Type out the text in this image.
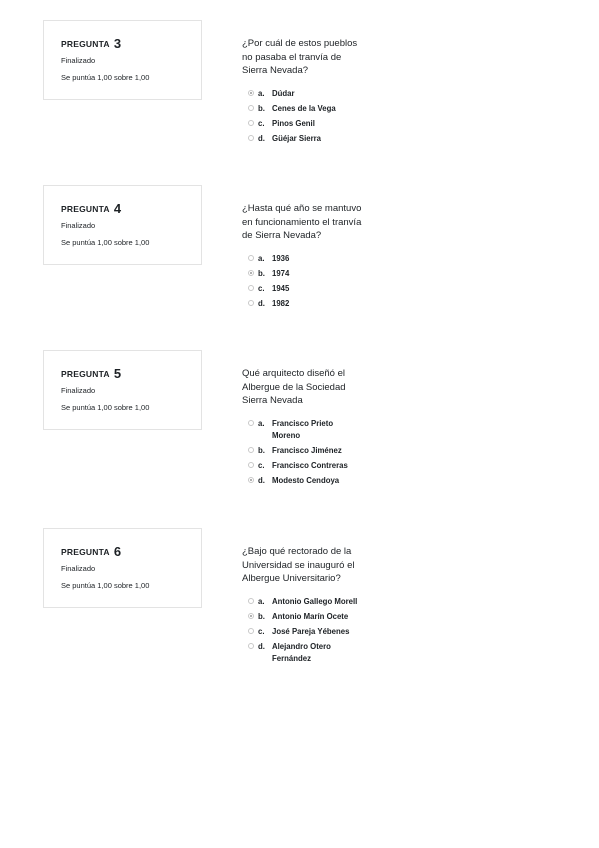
PREGUNTA 3
Finalizado
Se puntúa 1,00 sobre 1,00
¿Por cuál de estos pueblos no pasaba el tranvía de Sierra Nevada?
a. Dúdar
b. Cenes de la Vega
c. Pinos Genil
d. Güéjar Sierra
PREGUNTA 4
Finalizado
Se puntúa 1,00 sobre 1,00
¿Hasta qué año se mantuvo en funcionamiento el tranvía de Sierra Nevada?
a. 1936
b. 1974
c. 1945
d. 1982
PREGUNTA 5
Finalizado
Se puntúa 1,00 sobre 1,00
Qué arquitecto diseñó el Albergue de la Sociedad Sierra Nevada
a. Francisco Prieto Moreno
b. Francisco Jiménez
c. Francisco Contreras
d. Modesto Cendoya
PREGUNTA 6
Finalizado
Se puntúa 1,00 sobre 1,00
¿Bajo qué rectorado de la Universidad se inauguró el Albergue Universitario?
a. Antonio Gallego Morell
b. Antonio Marín Ocete
c. José Pareja Yébenes
d. Alejandro Otero Fernández
